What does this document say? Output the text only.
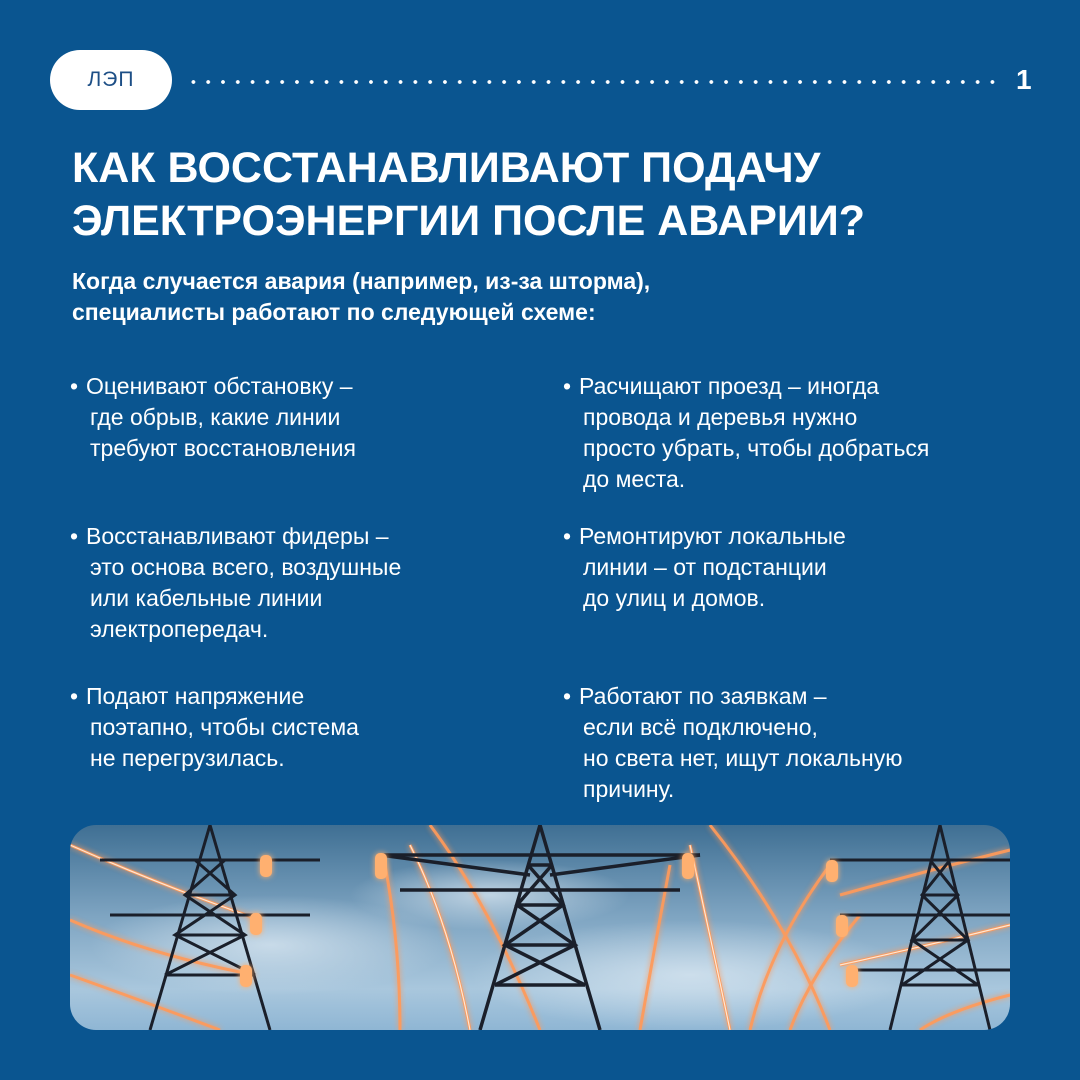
ЛЭП	1
КАК ВОССТАНАВЛИВАЮТ ПОДАЧУ
ЭЛЕКТРОЭНЕРГИИ ПОСЛЕ АВАРИИ?

Когда случается авария (например, из-за шторма),
специалисты работают по следующей схеме:

• Оценивают обстановку –
где обрыв, какие линии
требуют восстановления
• Расчищают проезд – иногда
провода и деревья нужно
просто убрать, чтобы добраться
до места.
• Восстанавливают фидеры –
это основа всего, воздушные
или кабельные линии
электропередач.
• Ремонтируют локальные
линии – от подстанции
до улиц и домов.
• Подают напряжение
поэтапно, чтобы система
не перегрузилась.
• Работают по заявкам –
если всё подключено,
но света нет, ищут локальную
причину.
